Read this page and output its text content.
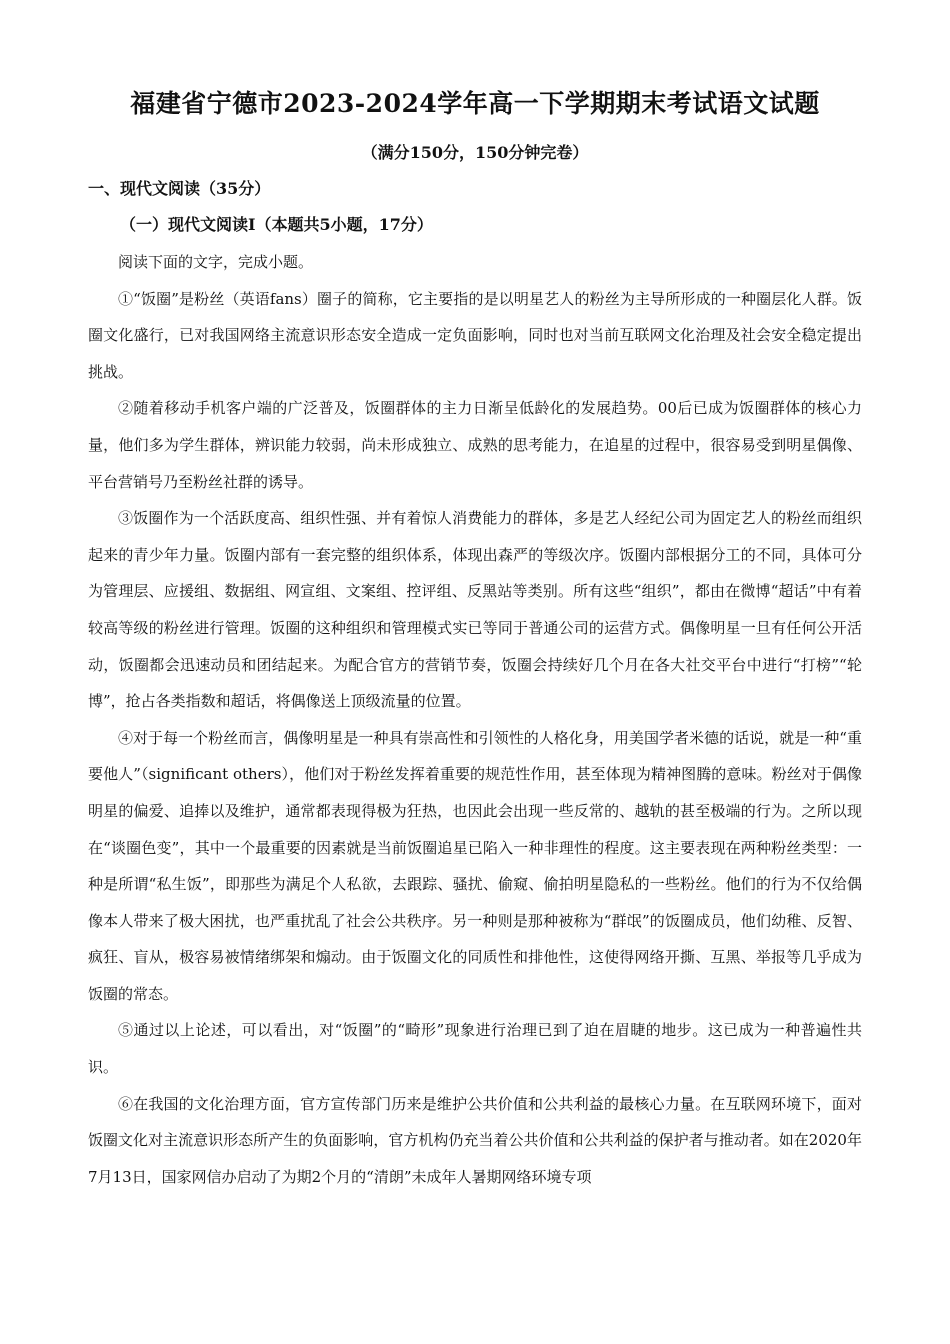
福建省宁德市2023-2024学年高一下学期期末考试语文试题
（满分150分，150分钟完卷）
一、现代文阅读（35分）
（一）现代文阅读Ⅰ（本题共5小题，17分）

阅读下面的文字，完成小题。

①“饭圈”是粉丝（英语fans）圈子的简称，它主要指的是以明星艺人的粉丝为主导所形成的一种圈层化人群。饭圈文化盛行，已对我国网络主流意识形态安全造成一定负面影响，同时也对当前互联网文化治理及社会安全稳定提出挑战。

②随着移动手机客户端的广泛普及，饭圈群体的主力日渐呈低龄化的发展趋势。00后已成为饭圈群体的核心力量，他们多为学生群体，辨识能力较弱，尚未形成独立、成熟的思考能力，在追星的过程中，很容易受到明星偶像、平台营销号乃至粉丝社群的诱导。

③饭圈作为一个活跃度高、组织性强、并有着惊人消费能力的群体，多是艺人经纪公司为固定艺人的粉丝而组织起来的青少年力量。饭圈内部有一套完整的组织体系，体现出森严的等级次序。饭圈内部根据分工的不同，具体可分为管理层、应援组、数据组、网宣组、文案组、控评组、反黑站等类别。所有这些“组织”，都由在微博“超话”中有着较高等级的粉丝进行管理。饭圈的这种组织和管理模式实已等同于普通公司的运营方式。偶像明星一旦有任何公开活动，饭圈都会迅速动员和团结起来。为配合官方的营销节奏，饭圈会持续好几个月在各大社交平台中进行“打榜”“轮博”，抢占各类指数和超话，将偶像送上顶级流量的位置。

④对于每一个粉丝而言，偶像明星是一种具有崇高性和引领性的人格化身，用美国学者米德的话说，就是一种“重要他人”（significant others），他们对于粉丝发挥着重要的规范性作用，甚至体现为精神图腾的意味。粉丝对于偶像明星的偏爱、追捧以及维护，通常都表现得极为狂热，也因此会出现一些反常的、越轨的甚至极端的行为。之所以现在“谈圈色变”，其中一个最重要的因素就是当前饭圈追星已陷入一种非理性的程度。这主要表现在两种粉丝类型：一种是所谓“私生饭”，即那些为满足个人私欲，去跟踪、骚扰、偷窥、偷拍明星隐私的一些粉丝。他们的行为不仅给偶像本人带来了极大困扰，也严重扰乱了社会公共秩序。另一种则是那种被称为“群氓”的饭圈成员，他们幼稚、反智、疯狂、盲从，极容易被情绪绑架和煽动。由于饭圈文化的同质性和排他性，这使得网络开撕、互黑、举报等几乎成为饭圈的常态。

⑤通过以上论述，可以看出，对“饭圈”的“畸形”现象进行治理已到了迫在眉睫的地步。这已成为一种普遍性共识。

⑥在我国的文化治理方面，官方宣传部门历来是维护公共价值和公共利益的最核心力量。在互联网环境下，面对饭圈文化对主流意识形态所产生的负面影响，官方机构仍充当着公共价值和公共利益的保护者与推动者。如在2020年7月13日，国家网信办启动了为期2个月的“清朗”未成年人暑期网络环境专项
